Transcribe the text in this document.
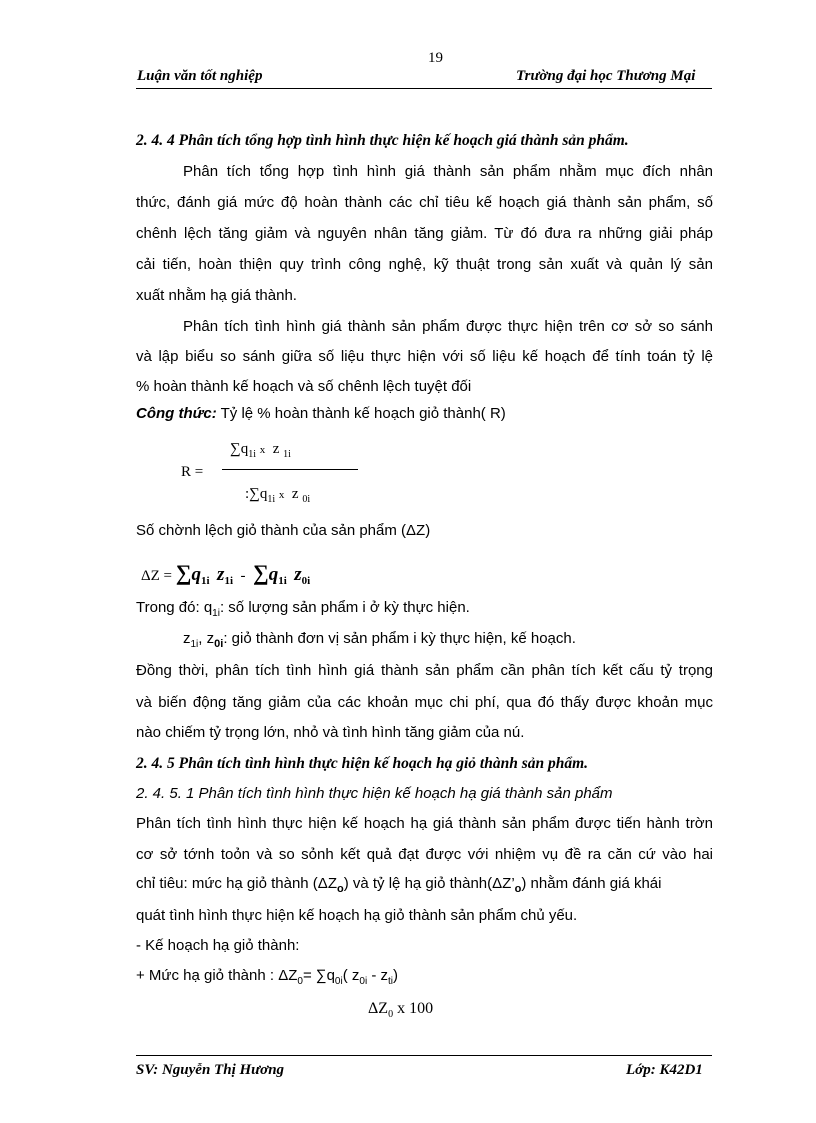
19
Luận văn tốt nghiệp	Trường đại học Thương Mại
2. 4. 4 Phân tích tổng hợp tình hình thực hiện kế hoạch giá thành sản phẩm.
Phân tích tổng hợp tình hình giá thành sản phẩm nhằm mục đích nhân
thức, đánh giá mức độ hoàn thành các chỉ tiêu kế hoạch giá thành sản phẩm, số
chênh lệch tăng giảm và nguyên nhân tăng giảm. Từ đó đưa ra những giải pháp
cải tiến, hoàn thiện quy trình công nghệ, kỹ thuật trong sản xuất và quản lý sản
xuất nhằm hạ giá thành.
Phân tích tình hình giá thành sản phẩm được thực hiện trên cơ sở so sánh
và lập biểu so sánh giữa số liệu thực hiện với số liệu kế hoạch để tính toán tỷ lệ
% hoàn thành kế hoạch và số chênh lệch tuyệt đối
Công thức: Tỷ lệ % hoàn thành kế hoạch giỏ thành( R)
R =
$\sum q_{1i}$ x z $_{1i}$
$:\sum q_{1i}$ x z $_{0i}$
Số chờnh lệch giỏ thành của sản phẩm (ΔZ)
$\Delta Z = \sum q_{1i}$ $z_{1i} - \sum q_{1i}$ $z_{0i}$
Trong đó: $q_{1i}$: số lượng sản phẩm i ở kỳ thực hiện.
$z_{1i}$, $z_{0i}$: giỏ thành đơn vị sản phẩm i kỳ thực hiện, kế hoạch.
Đồng thời, phân tích tình hình giá thành sản phẩm cần phân tích kết cấu tỷ trọng
và biến động tăng giảm của các khoản mục chi phí, qua đó thấy được khoản mục
nào chiếm tỷ trọng lớn, nhỏ và tình hình tăng giảm của nú.
2. 4. 5 Phân tích tình hình thực hiện kế hoạch hạ giỏ thành sản phẩm.
2. 4. 5. 1 Phân tích tình hình thực hiện kế hoạch hạ giá thành sản phẩm
Phân tích tình hình thực hiện kế hoạch hạ giá thành sản phẩm được tiến hành trờn
cơ sở tớnh toỏn và so sỏnh kết quả đạt được với nhiệm vụ đề ra căn cứ vào hai
chỉ tiêu: mức hạ giỏ thành $(\Delta Z_o)$ và tỷ lệ hạ giỏ $thành(\Delta Z’_o)$ nhằm đánh giá khái
quát tình hình thực hiện kế hoạch hạ giỏ thành sản phẩm chủ yếu.
- Kế hoạch hạ giỏ thành:
+ Mức hạ giỏ thành : $\Delta Z_0= \sum q_{0i}$( $z_{0i} - z_{ti}$)
$\Delta Z_0$ x 100
SV: Nguyễn Thị Hương	Lớp: K42D1
